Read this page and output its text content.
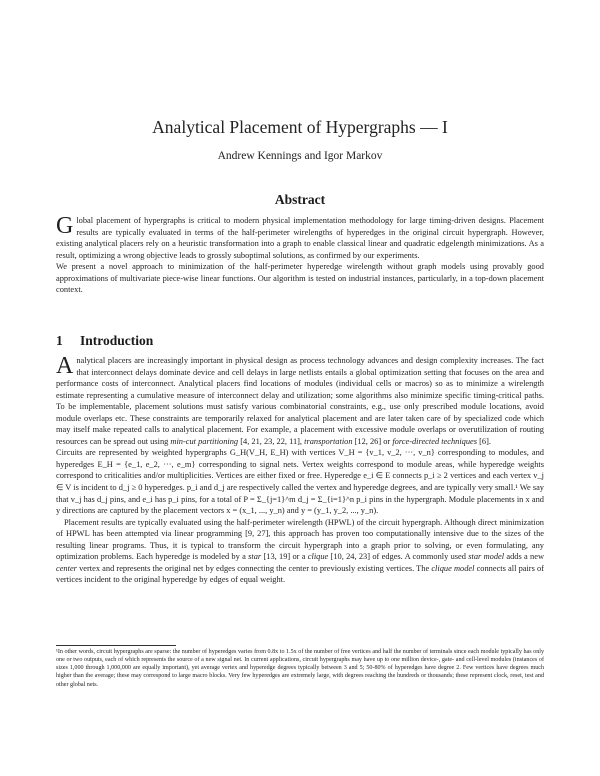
Analytical Placement of Hypergraphs — I
Andrew Kennings and Igor Markov
Abstract

Global placement of hypergraphs is critical to modern physical implementation methodology for large timing-driven designs. Placement results are typically evaluated in terms of the half-perimeter wirelengths of hyperedges in the original circuit hypergraph. However, existing analytical placers rely on a heuristic transformation into a graph to enable classical linear and quadratic edgelength minimizations. As a result, optimizing a wrong objective leads to grossly suboptimal solutions, as confirmed by our experiments.

We present a novel approach to minimization of the half-perimeter hyperedge wirelength without graph models using provably good approximations of multivariate piece-wise linear functions. Our algorithm is tested on industrial instances, particularly, in a top-down placement context.

1 Introduction

Analytical placers are increasingly important in physical design as process technology advances and design complexity increases. The fact that interconnect delays dominate device and cell delays in large netlists entails a global optimization setting that focuses on the area and performance costs of interconnect. Analytical placers find locations of modules (individual cells or macros) so as to minimize a wirelength estimate representing a cumulative measure of interconnect delay and utilization; some algorithms also minimize specific timing-critical paths. To be implementable, placement solutions must satisfy various combinatorial constraints, e.g., use only prescribed module locations, avoid module overlaps etc. These constraints are temporarily relaxed for analytical placement and are later taken care of by specialized code which may itself make repeated calls to analytical placement. For example, a placement with excessive module overlaps or overutilization of routing resources can be spread out using min-cut partitioning [4, 21, 23, 22, 11], transportation [12, 26] or force-directed techniques [6].

Circuits are represented by weighted hypergraphs G_H(V_H, E_H) with vertices V_H = {v_1, v_2, ···, v_n} corresponding to modules, and hyperedges E_H = {e_1, e_2, ···, e_m} corresponding to signal nets. Vertex weights correspond to module areas, while hyperedge weights correspond to criticalities and/or multiplicities. Vertices are either fixed or free. Hyperedge e_i ∈ E connects p_i ≥ 2 vertices and each vertex v_j ∈ V is incident to d_j ≥ 0 hyperedges. p_i and d_j are respectively called the vertex and hyperedge degrees, and are typically very small.¹ We say that v_j has d_j pins, and e_i has p_i pins, for a total of P = Σ_{j=1}^m d_j = Σ_{i=1}^n p_i pins in the hypergraph. Module placements in x and y directions are captured by the placement vectors x = (x_1, ..., y_n) and y = (y_1, y_2, ..., y_n).

Placement results are typically evaluated using the half-perimeter wirelength (HPWL) of the circuit hypergraph. Although direct minimization of HPWL has been attempted via linear programming [9, 27], this approach has proven too computationally intensive due to the sizes of the resulting linear programs. Thus, it is typical to transform the circuit hypergraph into a graph prior to solving, or even formulating, any optimization problems. Each hyperedge is modeled by a star [13, 19] or a clique [10, 24, 23] of edges. A commonly used star model adds a new center vertex and represents the original net by edges connecting the center to previously existing vertices. The clique model connects all pairs of vertices incident to the original hyperedge by edges of equal weight.

¹In other words, circuit hypergraphs are sparse: the number of hyperedges varies from 0.8x to 1.5x of the number of free vertices and half the number of terminals since each module typically has only one or two outputs, each of which represents the source of a new signal net. In current applications, circuit hypergraphs may have up to one million device-, gate- and cell-level modules (instances of sizes 1,000 through 1,000,000 are equally important), yet average vertex and hyperedge degrees typically between 3 and 5; 50-80% of hyperedges have degree 2. Few vertices have degrees much higher than the average; these may correspond to large macro blocks. Very few hyperedges are extremely large, with degrees reaching the hundreds or thousands; these represent clock, reset, test and other global nets.
